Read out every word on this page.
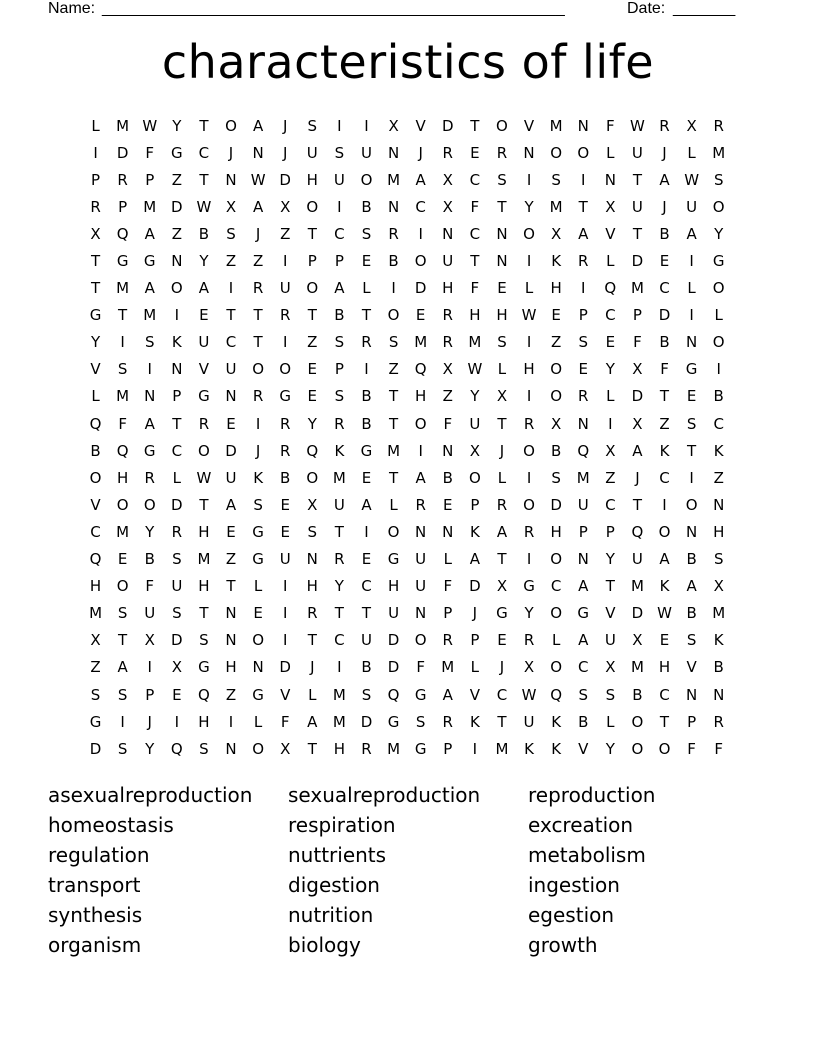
Name: ____________________________________________________	Date: _______
characteristics of life
L	M W	Y	T	O	A	J	S	I	I	X	V	D	T	O	V	M	N	F	W R	X	R
I	D	F	G	C	J	N	J	U	S	U	N	J	R	E	R	N	O	O	L	U	J	L	M
P	R	P	Z	T	N W D	H	U	O M	A	X	C	S	I	S	I	N	T	A W S
R	P	M D W X	A	X	O	I	B	N	C	X	F	T	Y	M	T	X	U	J	U	O
X	Q	A	Z	B	S	J	Z	T	C	S	R	I	N	C	N	O	X	A	V	T	B	A	Y
T	G	G	N	Y	Z	Z	I	P	P	E	B	O	U	T	N	I	K	R	L	D	E	I	G
T	M	A	O	A	I	R	U	O	A	L	I	D	H	F	E	L	H	I	Q M	C	L	O
G	T	M	I	E	T	T	R	T	B	T	O	E	R	H	H W E	P	C	P	D	I	L
Y	I	S	K	U	C	T	I	Z	S	R	S	M	R	M	S	I	Z	S	E	F	B	N	O
V	S	I	N	V	U	O	O	E	P	I	Z	Q	X W	L	H	O	E	Y	X	F	G	I
L	M	N	P	G	N	R	G	E	S	B	T	H	Z	Y	X	I	O	R	L	D	T	E	B
Q	F	A	T	R	E	I	R	Y	R	B	T	O	F	U	T	R	X	N	I	X	Z	S	C
B	Q	G	C	O	D	J	R	Q	K	G M	I	N	X	J	O	B	Q	X	A	K	T	K
O	H	R	L	W U	K	B	O M	E	T	A	B	O	L	I	S	M	Z	J	C	I	Z
V	O	O	D	T	A	S	E	X	U	A	L	R	E	P	R	O	D	U	C	T	I	O	N
C	M	Y	R	H	E	G	E	S	T	I	O	N	N	K	A	R	H	P	P	Q	O	N	H
Q	E	B	S	M	Z	G	U	N	R	E	G	U	L	A	T	I	O	N	Y	U	A	B	S
H	O	F	U	H	T	L	I	H	Y	C	H	U	F	D	X	G	C	A	T	M	K	A	X
M	S	U	S	T	N	E	I	R	T	T	U	N	P	J	G	Y	O	G	V	D W B	M
X	T	X	D	S	N	O	I	T	C	U	D	O	R	P	E	R	L	A	U	X	E	S	K
Z	A	I	X	G	H	N	D	J	I	B	D	F	M	L	J	X	O	C	X	M H	V	B
S	S	P	E	Q	Z	G	V	L	M	S	Q	G	A	V	C W Q	S	S	B	C	N	N
G	I	J	I	H	I	L	F	A	M D	G	S	R	K	T	U	K	B	L	O	T	P	R
D	S	Y	Q	S	N	O	X	T	H	R	M G	P	I	M	K	K	V	Y	O	O	F	F
asexualreproduction	sexualreproduction	reproduction
homeostasis	respiration	excreation
regulation	nuttrients	metabolism
transport	digestion	ingestion
synthesis	nutrition	egestion
organism	biology	growth
